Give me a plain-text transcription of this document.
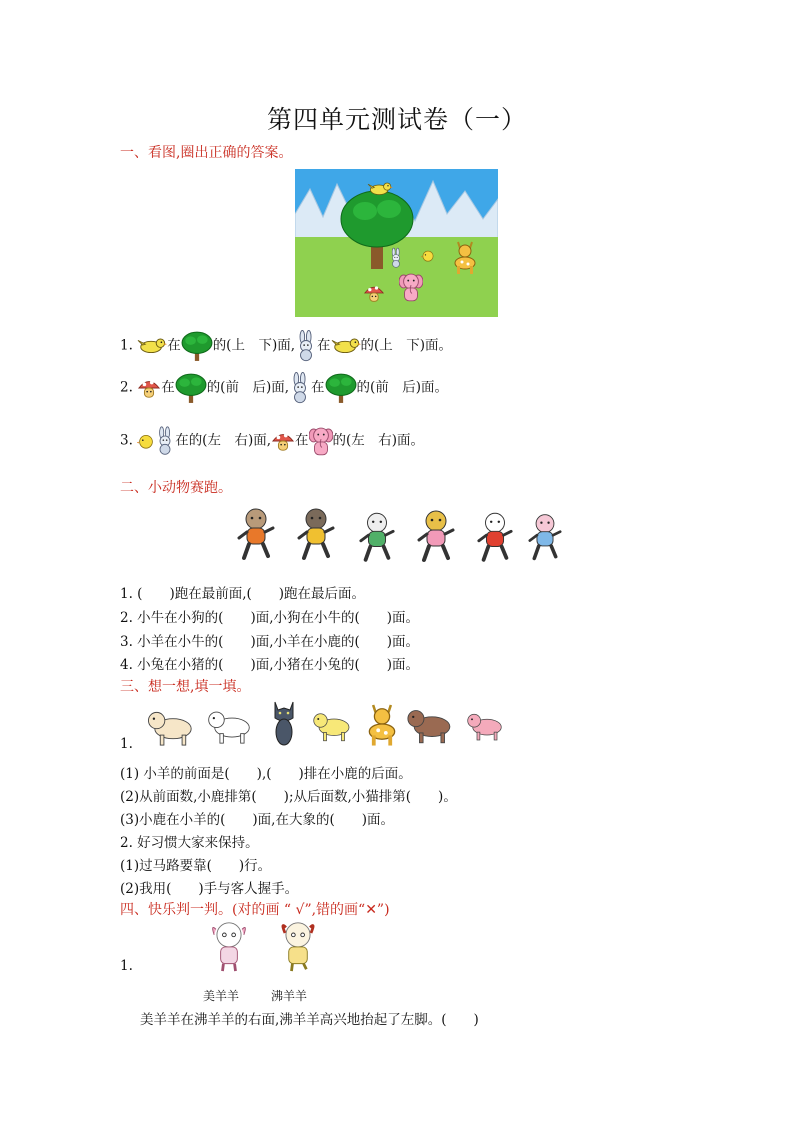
第四单元测试卷（一）
一、看图,圈出正确的答案。
1.	在 的(上　下)面, 在 的(上　下)面。
2. 在 的(前　后)面, 在 的(前　后)面。
3.	在的(左　右)面, 在 的(左　右)面。
二、小动物赛跑。
1. (　　)跑在最前面,(　　)跑在最后面。
2. 小牛在小狗的(　　)面,小狗在小牛的(　　)面。
3. 小羊在小牛的(　　)面,小羊在小鹿的(　　)面。
4. 小兔在小猪的(　　)面,小猪在小兔的(　　)面。
三、想一想,填一填。
1.
(1) 小羊的前面是(　　),(　　)排在小鹿的后面。
(2)从前面数,小鹿排第(　　);从后面数,小猫排第(　　)。
(3)小鹿在小羊的(　　)面,在大象的(　　)面。
2. 好习惯大家来保持。
(1)过马路要靠(　　)行。
(2)我用(　　)手与客人握手。
四、快乐判一判。(对的画 “ √”,错的画“✕”)
1.
美羊羊	沸羊羊
美羊羊在沸羊羊的右面,沸羊羊高兴地抬起了左脚。(　　)
